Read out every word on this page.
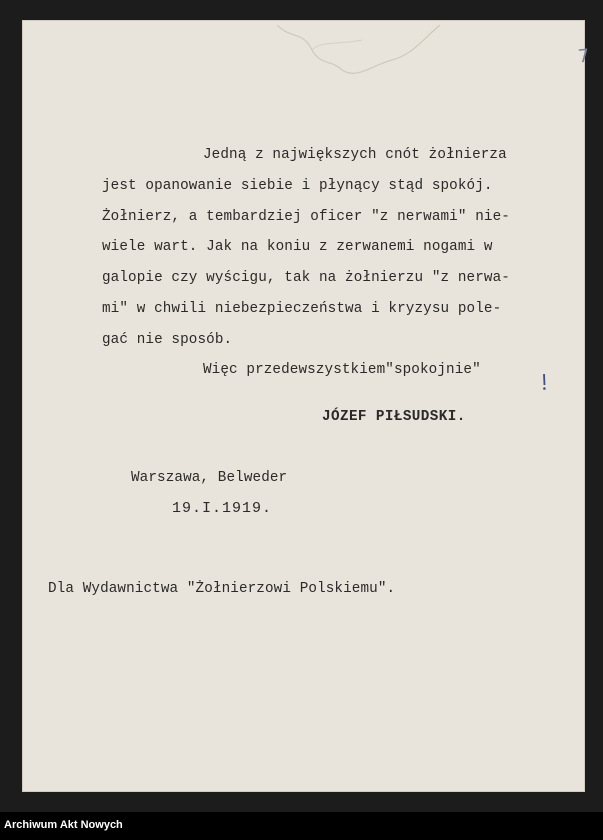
7
Jedną z największych cnót żołnierza
jest opanowanie siebie i płynący stąd spokój.
Żołnierz, a tembardziej oficer "z nerwami" nie-
wiele wart. Jak na koniu z zerwanemi nogami w
galopie czy wyścigu, tak na żołnierzu "z nerwa-
mi" w chwili niebezpieczeństwa i kryzysu pole-
gać nie sposób.
Więc przedewszystkiem"spokojnie"
JÓZEF PIŁSUDSKI.
Warszawa, Belweder
19.I.1919.
Dla Wydawnictwa "Żołnierzowi Polskiemu".
Archiwum Akt Nowych
